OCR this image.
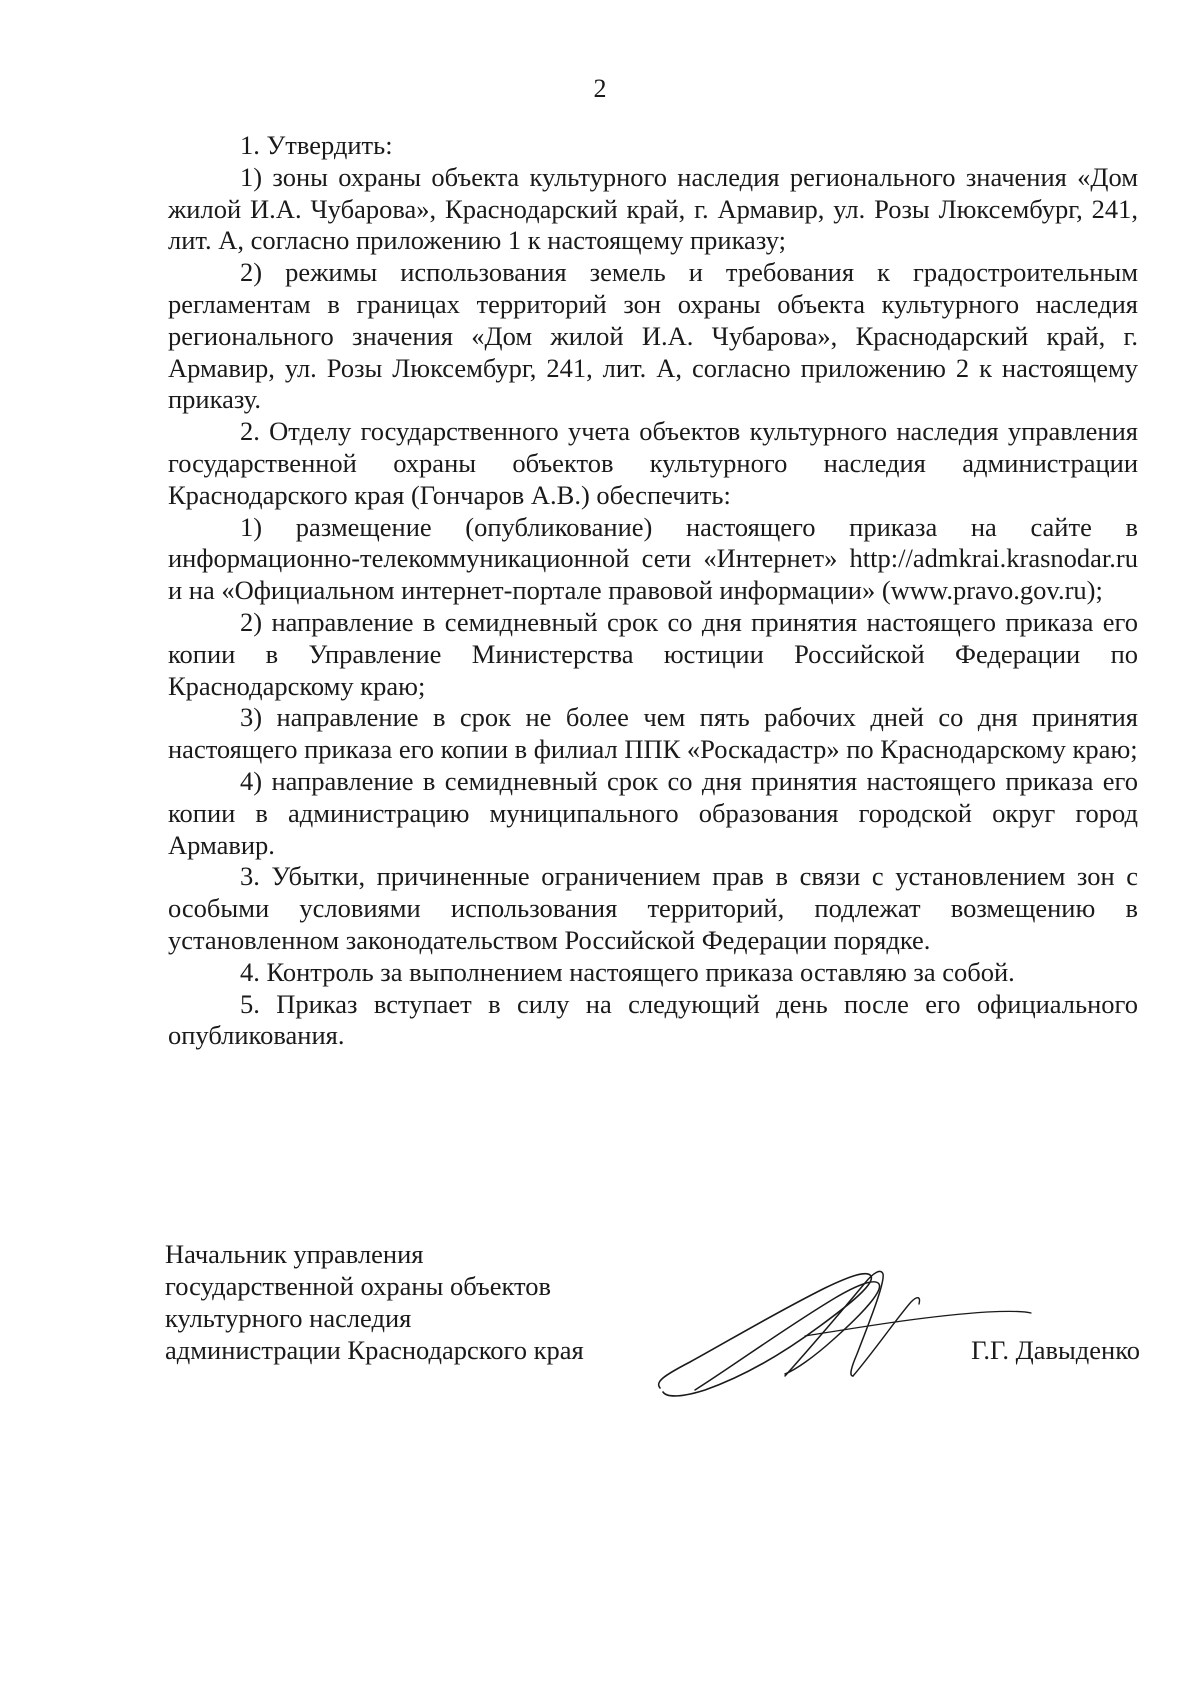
2

1. Утвердить:

1) зоны охраны объекта культурного наследия регионального значения «Дом жилой И.А. Чубарова», Краснодарский край, г. Армавир, ул. Розы Люксембург, 241, лит. А, согласно приложению 1 к настоящему приказу;

2) режимы использования земель и требования к градостроительным регламентам в границах территорий зон охраны объекта культурного наследия регионального значения «Дом жилой И.А. Чубарова», Краснодарский край, г. Армавир, ул. Розы Люксембург, 241, лит. А, согласно приложению 2 к настоящему приказу.

2. Отделу государственного учета объектов культурного наследия управления государственной охраны объектов культурного наследия администрации Краснодарского края (Гончаров А.В.) обеспечить:

1) размещение (опубликование) настоящего приказа на сайте в информационно-телекоммуникационной сети «Интернет» http://admkrai.krasnodar.ru и на «Официальном интернет-портале правовой информации» (www.pravo.gov.ru);

2) направление в семидневный срок со дня принятия настоящего приказа его копии в Управление Министерства юстиции Российской Федерации по Краснодарскому краю;

3) направление в срок не более чем пять рабочих дней со дня принятия настоящего приказа его копии в филиал ППК «Роскадастр» по Краснодарскому краю;

4) направление в семидневный срок со дня принятия настоящего приказа его копии в администрацию муниципального образования городской округ город Армавир.

3. Убытки, причиненные ограничением прав в связи с установлением зон с особыми условиями использования территорий, подлежат возмещению в установленном законодательством Российской Федерации порядке.

4. Контроль за выполнением настоящего приказа оставляю за собой.

5. Приказ вступает в силу на следующий день после его официального опубликования.

Начальник управления
государственной охраны объектов
культурного наследия
администрации Краснодарского края	Г.Г. Давыденко
